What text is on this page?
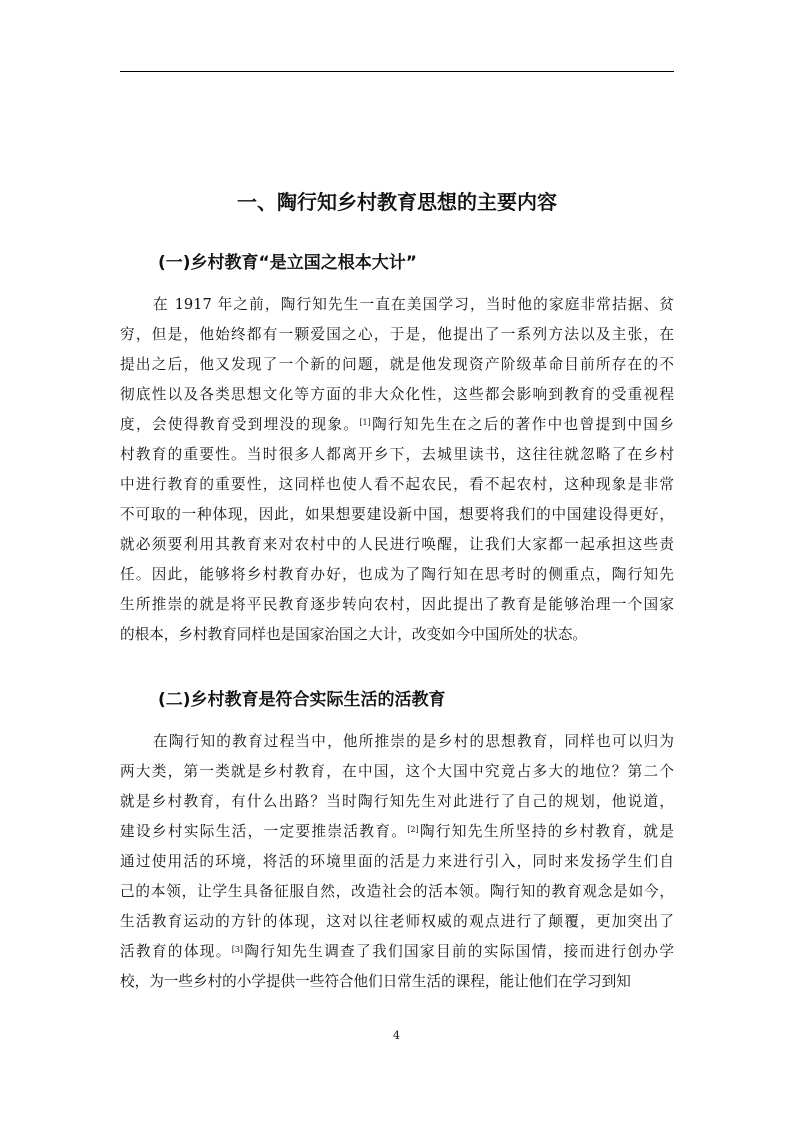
一、陶行知乡村教育思想的主要内容
(一)乡村教育“是立国之根本大计”
在 1917 年之前，陶行知先生一直在美国学习，当时他的家庭非常拮据、贫
穷，但是，他始终都有一颗爱国之心，于是，他提出了一系列方法以及主张，在
提出之后，他又发现了一个新的问题，就是他发现资产阶级革命目前所存在的不
彻底性以及各类思想文化等方面的非大众化性，这些都会影响到教育的受重视程
度，会使得教育受到埋没的现象。[1]陶行知先生在之后的著作中也曾提到中国乡
村教育的重要性。当时很多人都离开乡下，去城里读书，这往往就忽略了在乡村
中进行教育的重要性，这同样也使人看不起农民，看不起农村，这种现象是非常
不可取的一种体现，因此，如果想要建设新中国，想要将我们的中国建设得更好，
就必须要利用其教育来对农村中的人民进行唤醒，让我们大家都一起承担这些责
任。因此，能够将乡村教育办好，也成为了陶行知在思考时的侧重点，陶行知先
生所推崇的就是将平民教育逐步转向农村，因此提出了教育是能够治理一个国家
的根本，乡村教育同样也是国家治国之大计，改变如今中国所处的状态。
(二)乡村教育是符合实际生活的活教育
在陶行知的教育过程当中，他所推崇的是乡村的思想教育，同样也可以归为
两大类，第一类就是乡村教育，在中国，这个大国中究竟占多大的地位？第二个
就是乡村教育，有什么出路？当时陶行知先生对此进行了自己的规划，他说道，
建设乡村实际生活，一定要推崇活教育。[2]陶行知先生所坚持的乡村教育，就是
通过使用活的环境，将活的环境里面的活是力来进行引入，同时来发扬学生们自
己的本领，让学生具备征服自然，改造社会的活本领。陶行知的教育观念是如今，
生活教育运动的方针的体现，这对以往老师权威的观点进行了颠覆，更加突出了
活教育的体现。[3]陶行知先生调查了我们国家目前的实际国情，接而进行创办学
校，为一些乡村的小学提供一些符合他们日常生活的课程，能让他们在学习到知
4
